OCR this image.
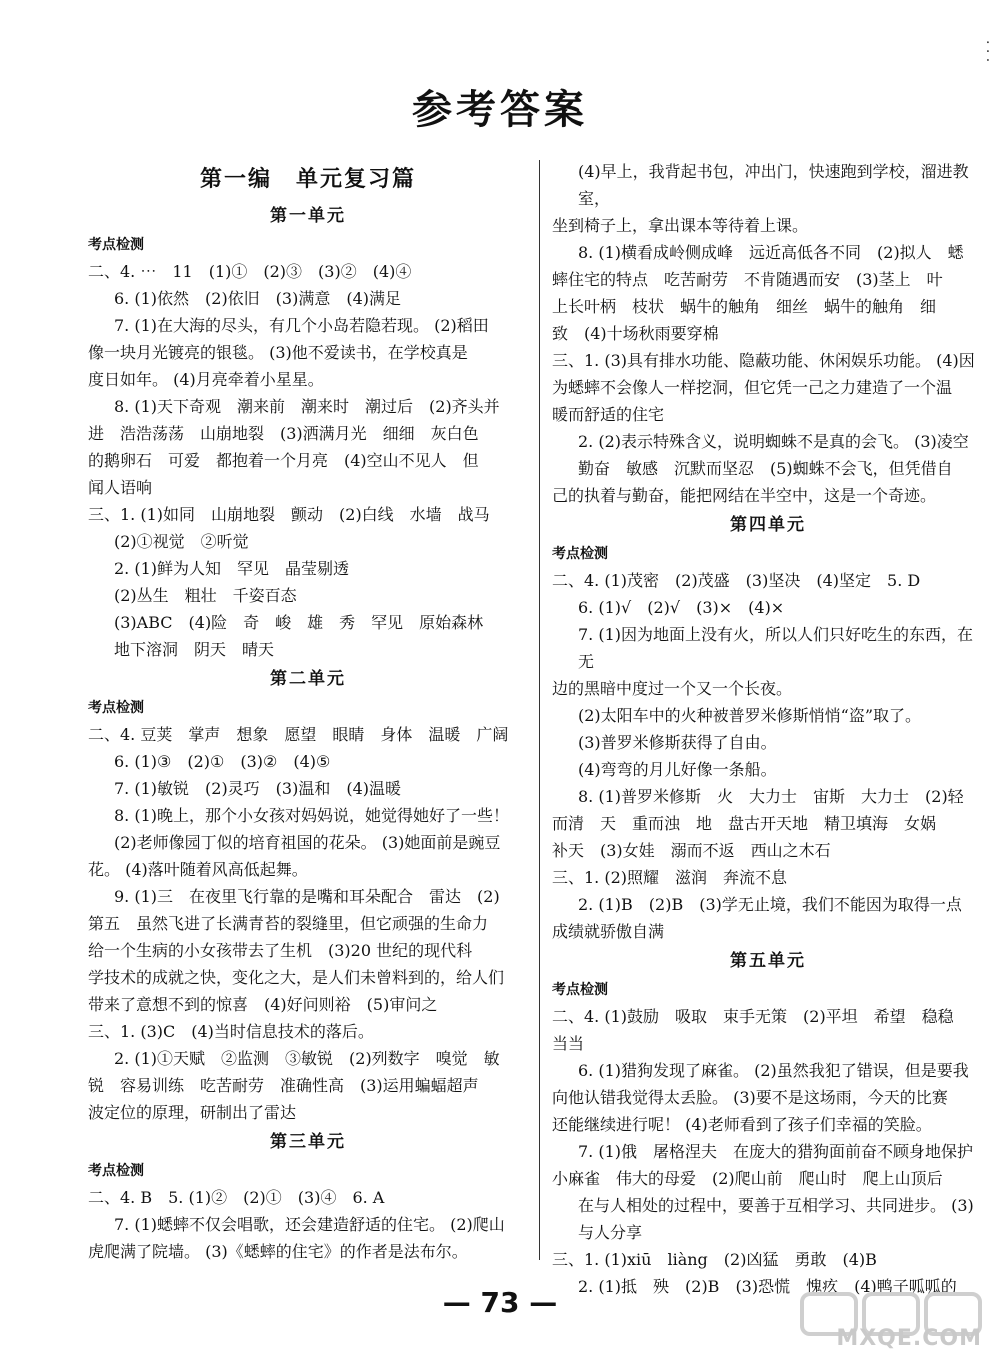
参考答案
· · ·
第一编　单元复习篇
第一单元
考点检测
二、4. ⋯　11　(1)①　(2)③　(3)②　(4)④
6. (1)依然　(2)依旧　(3)满意　(4)满足
7. (1)在大海的尽头，有几个小岛若隐若现。 (2)稻田
像一块月光镀亮的银毯。 (3)他不爱读书，在学校真是
度日如年。 (4)月亮牵着小星星。
8. (1)天下奇观　潮来前　潮来时　潮过后　(2)齐头并
进　浩浩荡荡　山崩地裂　(3)洒满月光　细细　灰白色
的鹅卵石　可爱　都抱着一个月亮　(4)空山不见人　但
闻人语响
三、1. (1)如同　山崩地裂　颤动　(2)白线　水墙　战马
(2)①视觉　②听觉
2. (1)鲜为人知　罕见　晶莹剔透
(2)丛生　粗壮　千姿百态
(3)ABC　(4)险　奇　峻　雄　秀　罕见　原始森林
地下溶洞　阴天　晴天
第二单元
考点检测
二、4. 豆荚　掌声　想象　愿望　眼睛　身体　温暖　广阔
6. (1)③　(2)①　(3)②　(4)⑤
7. (1)敏锐　(2)灵巧　(3)温和　(4)温暖
8. (1)晚上，那个小女孩对妈妈说，她觉得她好了一些！
(2)老师像园丁似的培育祖国的花朵。 (3)她面前是豌豆
花。 (4)落叶随着风高低起舞。
9. (1)三　在夜里飞行靠的是嘴和耳朵配合　雷达　(2)
第五　虽然飞进了长满青苔的裂缝里，但它顽强的生命力
给一个生病的小女孩带去了生机　(3)20 世纪的现代科
学技术的成就之快，变化之大，是人们未曾料到的，给人们
带来了意想不到的惊喜　(4)好问则裕　(5)审问之
三、1. (3)C　(4)当时信息技术的落后。
2. (1)①天赋　②监测　③敏锐　(2)列数字　嗅觉　敏
锐　容易训练　吃苦耐劳　准确性高　(3)运用蝙蝠超声
波定位的原理，研制出了雷达
第三单元
考点检测
二、4. B　5. (1)②　(2)①　(3)④　6. A
7. (1)蟋蟀不仅会唱歌，还会建造舒适的住宅。 (2)爬山
虎爬满了院墙。 (3)《蟋蟀的住宅》的作者是法布尔。
(4)早上，我背起书包，冲出门，快速跑到学校，溜进教室，
坐到椅子上，拿出课本等待着上课。
8. (1)横看成岭侧成峰　远近高低各不同　(2)拟人　蟋
蟀住宅的特点　吃苦耐劳　不肯随遇而安　(3)茎上　叶
上长叶柄　枝状　蜗牛的触角　细丝　蜗牛的触角　细
致　(4)十场秋雨要穿棉
三、1. (3)具有排水功能、隐蔽功能、休闲娱乐功能。 (4)因
为蟋蟀不会像人一样挖洞，但它凭一己之力建造了一个温
暖而舒适的住宅
2. (2)表示特殊含义，说明蜘蛛不是真的会飞。 (3)凌空
勤奋　敏感　沉默而坚忍　(5)蜘蛛不会飞，但凭借自
己的执着与勤奋，能把网结在半空中，这是一个奇迹。
第四单元
考点检测
二、4. (1)茂密　(2)茂盛　(3)坚决　(4)坚定　5. D
6. (1)√　(2)√　(3)×　(4)×
7. (1)因为地面上没有火，所以人们只好吃生的东西，在无
边的黑暗中度过一个又一个长夜。
(2)太阳车中的火种被普罗米修斯悄悄“盗”取了。
(3)普罗米修斯获得了自由。
(4)弯弯的月儿好像一条船。
8. (1)普罗米修斯　火　大力士　宙斯　大力士　(2)轻
而清　天　重而浊　地　盘古开天地　精卫填海　女娲
补天　(3)女娃　溺而不返　西山之木石
三、1. (2)照耀　滋润　奔流不息
2. (1)B　(2)B　(3)学无止境，我们不能因为取得一点
成绩就骄傲自满
第五单元
考点检测
二、4. (1)鼓励　吸取　束手无策　(2)平坦　希望　稳稳
当当
6. (1)猎狗发现了麻雀。 (2)虽然我犯了错误，但是要我
向他认错我觉得太丢脸。 (3)要不是这场雨，今天的比赛
还能继续进行呢！ (4)老师看到了孩子们幸福的笑脸。
7. (1)俄　屠格涅夫　在庞大的猎狗面前奋不顾身地保护
小麻雀　伟大的母爱　(2)爬山前　爬山时　爬上山顶后
在与人相处的过程中，要善于互相学习、共同进步。 (3)
与人分享
三、1. (1)xiū　liàng　(2)凶猛　勇敢　(4)B
2. (1)抵　殃　(2)B　(3)恐慌　愧疚　(4)鸭子呱呱的
— 73 —
MXQE.COM
